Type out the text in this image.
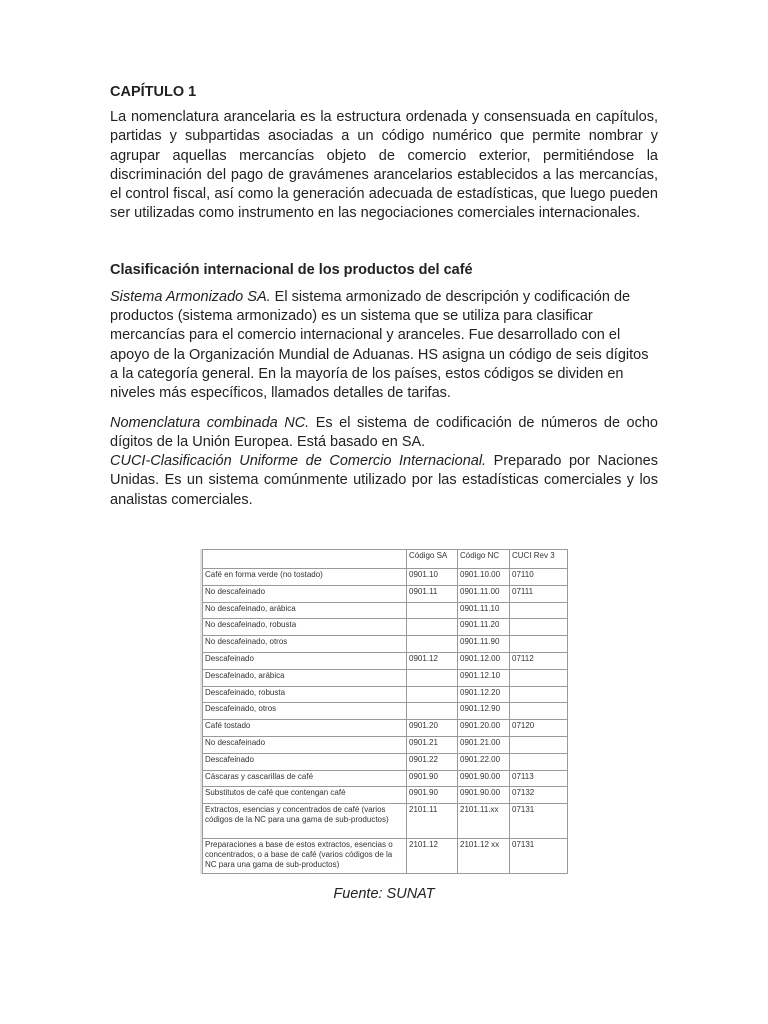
CAPÍTULO 1

La nomenclatura arancelaria es la estructura ordenada y consensuada en capítulos, partidas y subpartidas asociadas a un código numérico que permite nombrar y agrupar aquellas mercancías objeto de comercio exterior, permitiéndose la discriminación del pago de gravámenes arancelarios establecidos a las mercancías, el control fiscal, así como la generación adecuada de estadísticas, que luego pueden ser utilizadas como instrumento en las negociaciones comerciales internacionales.

Clasificación internacional de los productos del café

Sistema Armonizado SA. El sistema armonizado de descripción y codificación de productos (sistema armonizado) es un sistema que se utiliza para clasificar mercancías para el comercio internacional y aranceles. Fue desarrollado con el apoyo de la Organización Mundial de Aduanas. HS asigna un código de seis dígitos a la categoría general. En la mayoría de los países, estos códigos se dividen en niveles más específicos, llamados detalles de tarifas.

Nomenclatura combinada NC. Es el sistema de codificación de números de ocho dígitos de la Unión Europea. Está basado en SA.

CUCI-Clasificación Uniforme de Comercio Internacional. Preparado por Naciones Unidas. Es un sistema comúnmente utilizado por las estadísticas comerciales y los analistas comerciales.

	Código SA	Código NC	CUCI Rev 3
Café en forma verde (no tostado)	0901.10	0901.10.00	07110
No descafeinado	0901.11	0901.11.00	07111
No descafeinado, arábica		0901.11.10	
No descafeinado, robusta		0901.11.20	
No descafeinado, otros		0901.11.90	
Descafeinado	0901.12	0901.12.00	07112
Descafeinado, arábica		0901.12.10	
Descafeinado, robusta		0901.12.20	
Descafeinado, otros		0901.12.90	
Café tostado	0901.20	0901.20.00	07120
No descafeinado	0901.21	0901.21.00	
Descafeinado	0901.22	0901.22.00	
Cáscaras y cascarillas de café	0901.90	0901.90.00	07113
Substitutos de café que contengan café	0901.90	0901.90.00	07132
Extractos, esencias y concentrados de café (varios códigos de la NC para una gama de sub-productos)	2101.11	2101.11.xx	07131
Preparaciones a base de estos extractos, esencias o concentrados, o a base de café (varios códigos de la NC para una gama de sub-productos)	2101.12	2101.12 xx	07131
Fuente: SUNAT
